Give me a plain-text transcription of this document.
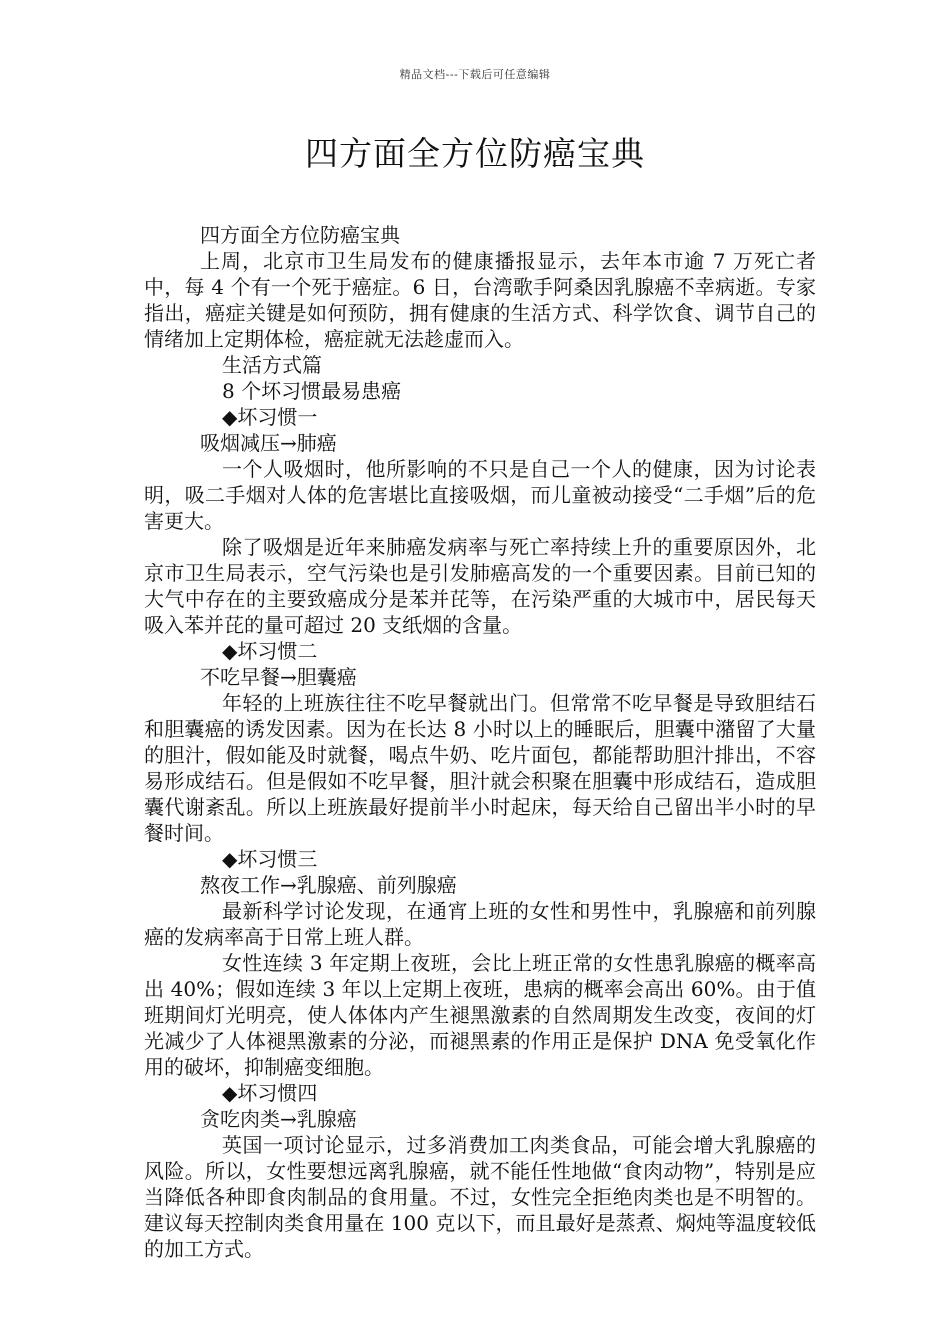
精品文档---下载后可任意编辑
四方面全方位防癌宝典

四方面全方位防癌宝典

上周，北京市卫生局发布的健康播报显示，去年本市逾 7 万死亡者中，每 4 个有一个死于癌症。6 日，台湾歌手阿桑因乳腺癌不幸病逝。专家指出，癌症关键是如何预防，拥有健康的生活方式、科学饮食、调节自己的情绪加上定期体检，癌症就无法趁虚而入。

生活方式篇

8 个坏习惯最易患癌

◆坏习惯一

吸烟减压→肺癌

一个人吸烟时，他所影响的不只是自己一个人的健康，因为讨论表明，吸二手烟对人体的危害堪比直接吸烟，而儿童被动接受“二手烟”后的危害更大。

除了吸烟是近年来肺癌发病率与死亡率持续上升的重要原因外，北京市卫生局表示，空气污染也是引发肺癌高发的一个重要因素。目前已知的大气中存在的主要致癌成分是苯并芘等，在污染严重的大城市中，居民每天吸入苯并芘的量可超过 20 支纸烟的含量。

◆坏习惯二

不吃早餐→胆囊癌

年轻的上班族往往不吃早餐就出门。但常常不吃早餐是导致胆结石和胆囊癌的诱发因素。因为在长达 8 小时以上的睡眠后，胆囊中潴留了大量的胆汁，假如能及时就餐，喝点牛奶、吃片面包，都能帮助胆汁排出，不容易形成结石。但是假如不吃早餐，胆汁就会积聚在胆囊中形成结石，造成胆囊代谢紊乱。所以上班族最好提前半小时起床，每天给自己留出半小时的早餐时间。

◆坏习惯三

熬夜工作→乳腺癌、前列腺癌

最新科学讨论发现，在通宵上班的女性和男性中，乳腺癌和前列腺癌的发病率高于日常上班人群。

女性连续 3 年定期上夜班，会比上班正常的女性患乳腺癌的概率高出 40%；假如连续 3 年以上定期上夜班，患病的概率会高出 60%。由于值班期间灯光明亮，使人体体内产生褪黑激素的自然周期发生改变，夜间的灯光减少了人体褪黑激素的分泌，而褪黑素的作用正是保护 DNA 免受氧化作用的破坏，抑制癌变细胞。

◆坏习惯四

贪吃肉类→乳腺癌

英国一项讨论显示，过多消费加工肉类食品，可能会增大乳腺癌的风险。所以，女性要想远离乳腺癌，就不能任性地做“食肉动物”，特别是应当降低各种即食肉制品的食用量。不过，女性完全拒绝肉类也是不明智的。建议每天控制肉类食用量在 100 克以下，而且最好是蒸煮、焖炖等温度较低的加工方式。
